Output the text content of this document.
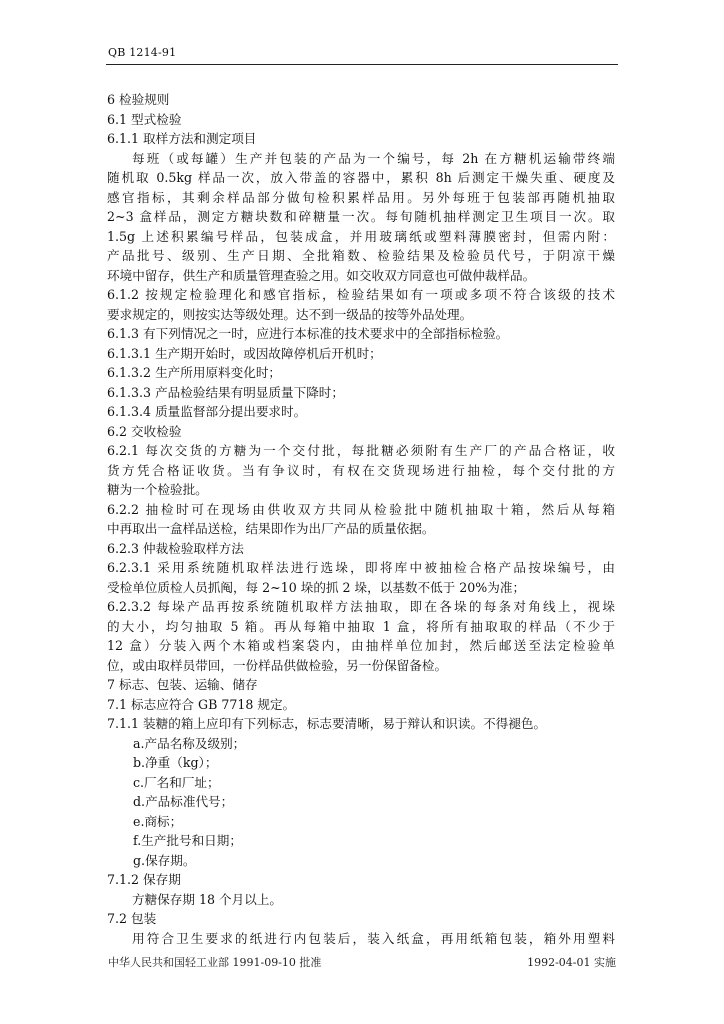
QB 1214-91
6 检验规则
6.1 型式检验
6.1.1 取样方法和测定项目
每班（或每罐）生产并包装的产品为一个编号，每 2h 在方糖机运输带终端
随机取 0.5kg 样品一次，放入带盖的容器中，累积 8h 后测定干燥失重、硬度及
感官指标，其剩余样品部分做旬检积累样品用。另外每班于包装部再随机抽取
2~3 盒样品，测定方糖块数和碎糖量一次。每旬随机抽样测定卫生项目一次。取
1.5g 上述积累编号样品，包装成盒，并用玻璃纸或塑料薄膜密封，但需内附：
产品批号、级别、生产日期、全批箱数、检验结果及检验员代号，于阴凉干燥
环境中留存，供生产和质量管理查验之用。如交收双方同意也可做仲裁样品。
6.1.2 按规定检验理化和感官指标，检验结果如有一项或多项不符合该级的技术
要求规定的，则按实达等级处理。达不到一级品的按等外品处理。
6.1.3 有下列情况之一时，应进行本标准的技术要求中的全部指标检验。
6.1.3.1 生产期开始时，或因故障停机后开机时；
6.1.3.2 生产所用原料变化时；
6.1.3.3 产品检验结果有明显质量下降时；
6.1.3.4 质量监督部分提出要求时。
6.2 交收检验
6.2.1 每次交货的方糖为一个交付批，每批糖必须附有生产厂的产品合格证，收
货方凭合格证收货。当有争议时，有权在交货现场进行抽检，每个交付批的方
糖为一个检验批。
6.2.2 抽检时可在现场由供收双方共同从检验批中随机抽取十箱，然后从每箱
中再取出一盒样品送检，结果即作为出厂产品的质量依据。
6.2.3 仲裁检验取样方法
6.2.3.1 采用系统随机取样法进行选垛，即将库中被抽检合格产品按垛编号，由
受检单位质检人员抓阄，每 2~10 垛的抓 2 垛，以基数不低于 20%为准；
6.2.3.2 每垛产品再按系统随机取样方法抽取，即在各垛的每条对角线上，视垛
的大小，均匀抽取 5 箱。再从每箱中抽取 1 盒，将所有抽取取的样品（不少于
12 盒）分装入两个木箱或档案袋内，由抽样单位加封，然后邮送至法定检验单
位，或由取样员带回，一份样品供做检验，另一份保留备检。
7 标志、包装、运输、储存
7.1 标志应符合 GB 7718 规定。
7.1.1 装糖的箱上应印有下列标志，标志要清晰，易于辩认和识读。不得褪色。
a.产品名称及级别；
b.净重（kg）；
c.厂名和厂址；
d.产品标准代号；
e.商标；
f.生产批号和日期；
g.保存期。
7.1.2 保存期
方糖保存期 18 个月以上。
7.2 包装
用符合卫生要求的纸进行内包装后，装入纸盒，再用纸箱包装，箱外用塑料
中华人民共和国轻工业部 1991-09-10 批准	1992-04-01 实施
